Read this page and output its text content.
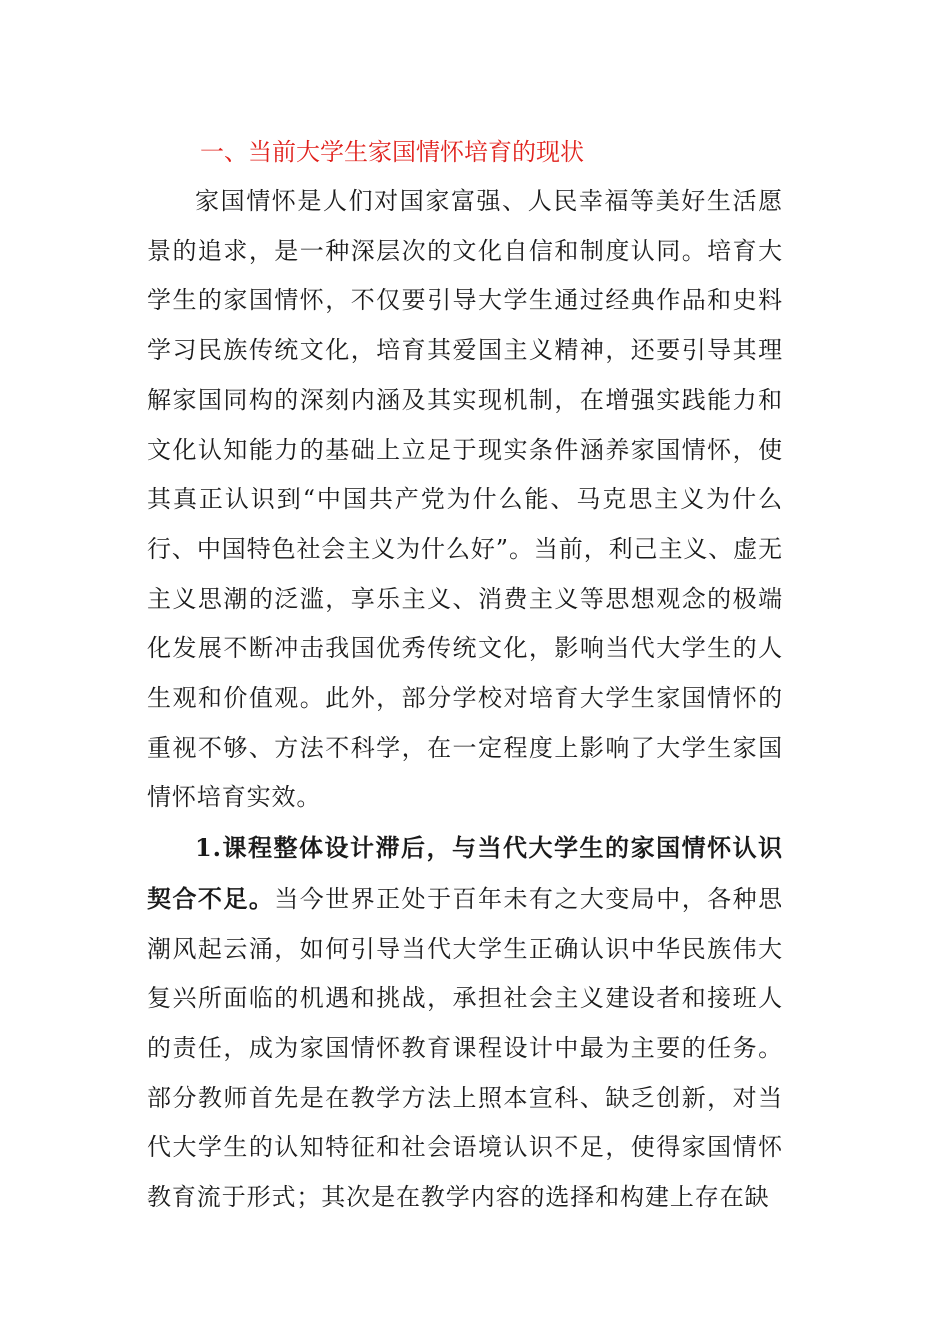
一、当前大学生家国情怀培育的现状

家国情怀是人们对国家富强、人民幸福等美好生活愿景的追求，是一种深层次的文化自信和制度认同。培育大学生的家国情怀，不仅要引导大学生通过经典作品和史料学习民族传统文化，培育其爱国主义精神，还要引导其理解家国同构的深刻内涵及其实现机制，在增强实践能力和文化认知能力的基础上立足于现实条件涵养家国情怀，使其真正认识到“中国共产党为什么能、马克思主义为什么行、中国特色社会主义为什么好”。当前，利己主义、虚无主义思潮的泛滥，享乐主义、消费主义等思想观念的极端化发展不断冲击我国优秀传统文化，影响当代大学生的人生观和价值观。此外，部分学校对培育大学生家国情怀的重视不够、方法不科学，在一定程度上影响了大学生家国情怀培育实效。

1.课程整体设计滞后，与当代大学生的家国情怀认识契合不足。当今世界正处于百年未有之大变局中，各种思潮风起云涌，如何引导当代大学生正确认识中华民族伟大复兴所面临的机遇和挑战，承担社会主义建设者和接班人的责任，成为家国情怀教育课程设计中最为主要的任务。部分教师首先是在教学方法上照本宣科、缺乏创新，对当代大学生的认知特征和社会语境认识不足，使得家国情怀教育流于形式；其次是在教学内容的选择和构建上存在缺
